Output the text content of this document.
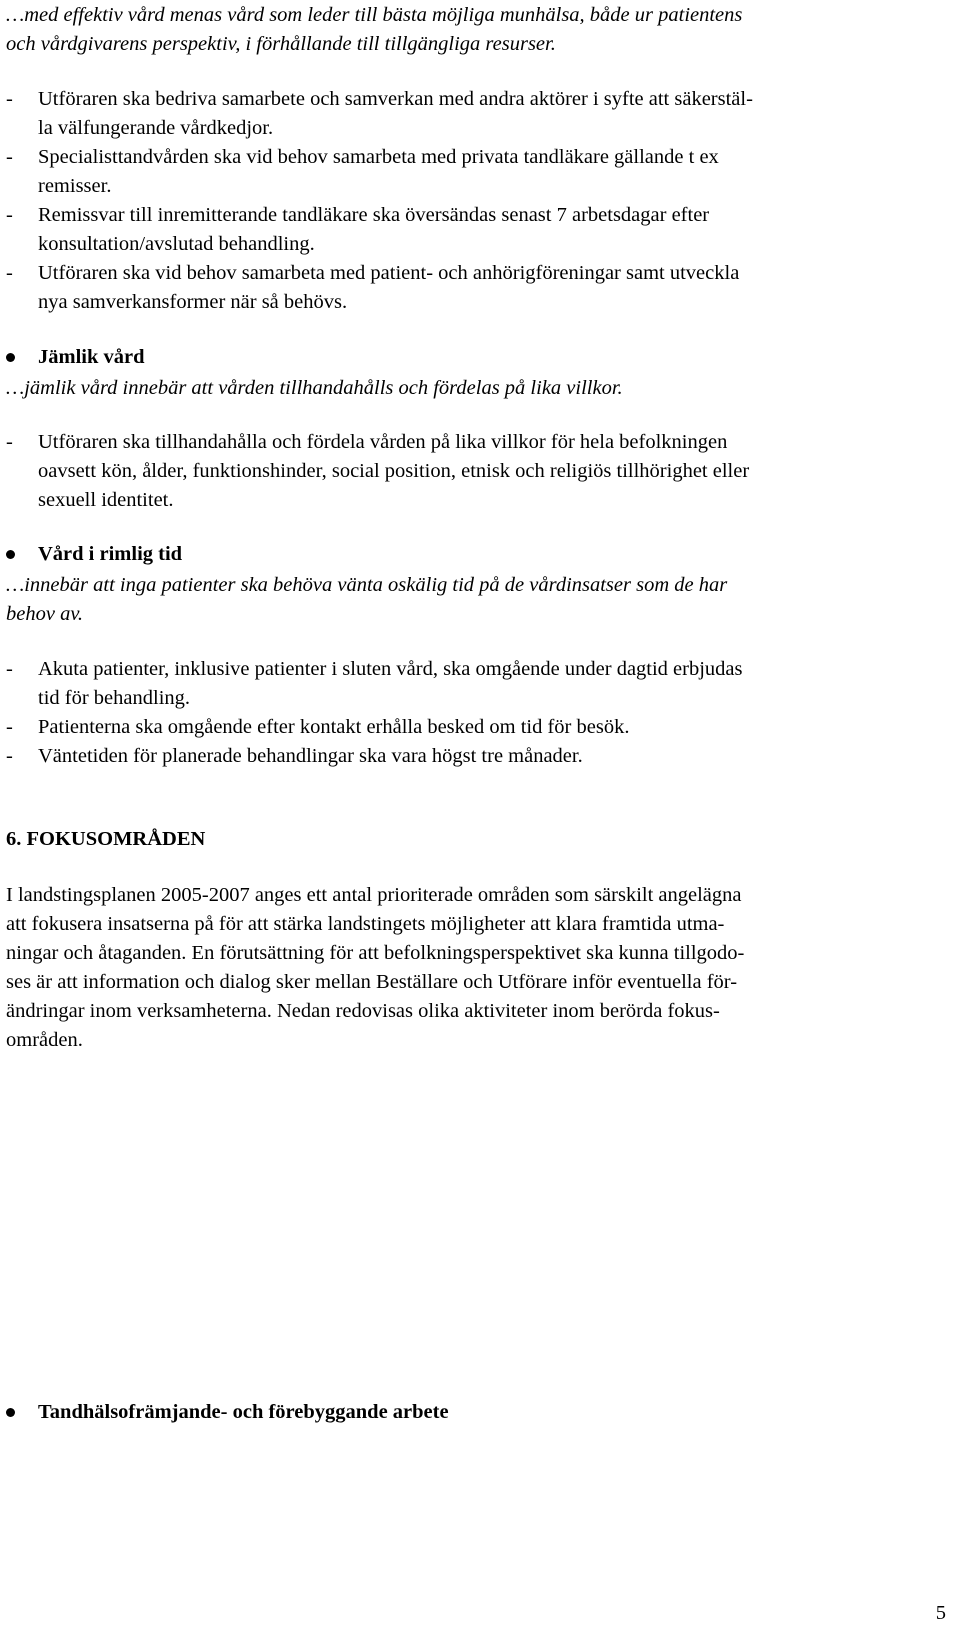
…med effektiv vård menas vård som leder till bästa möjliga munhälsa, både ur patientens
och vårdgivarens perspektiv, i förhållande till tillgängliga resurser.
- Utföraren ska bedriva samarbete och samverkan med andra aktörer i syfte att säkerstäl-
la välfungerande vårdkedjor.
- Specialisttandvården ska vid behov samarbeta med privata tandläkare gällande t ex
remisser.
- Remissvar till inremitterande tandläkare ska översändas senast 7 arbetsdagar efter
konsultation/avslutad behandling.
- Utföraren ska vid behov samarbeta med patient- och anhörigföreningar samt utveckla
nya samverkansformer när så behövs.
Jämlik vård
…jämlik vård innebär att vården tillhandahålls och fördelas på lika villkor.
- Utföraren ska tillhandahålla och fördela vården på lika villkor för hela befolkningen
oavsett kön, ålder, funktionshinder, social position, etnisk och religiös tillhörighet eller
sexuell identitet.
Vård i rimlig tid
…innebär att inga patienter ska behöva vänta oskälig tid på de vårdinsatser som de har
behov av.
- Akuta patienter, inklusive patienter i sluten vård, ska omgående under dagtid erbjudas
tid för behandling.
- Patienterna ska omgående efter kontakt erhålla besked om tid för besök.
- Väntetiden för planerade behandlingar ska vara högst tre månader.
6. FOKUSOMRÅDEN
I landstingsplanen 2005-2007 anges ett antal prioriterade områden som särskilt angelägna
att fokusera insatserna på för att stärka landstingets möjligheter att klara framtida utma-
ningar och åtaganden. En förutsättning för att befolkningsperspektivet ska kunna tillgodo-
ses är att information och dialog sker mellan Beställare och Utförare inför eventuella för-
ändringar inom verksamheterna. Nedan redovisas olika aktiviteter inom berörda fokus-
områden.
Tandhälsofrämjande- och förebyggande arbete
5
